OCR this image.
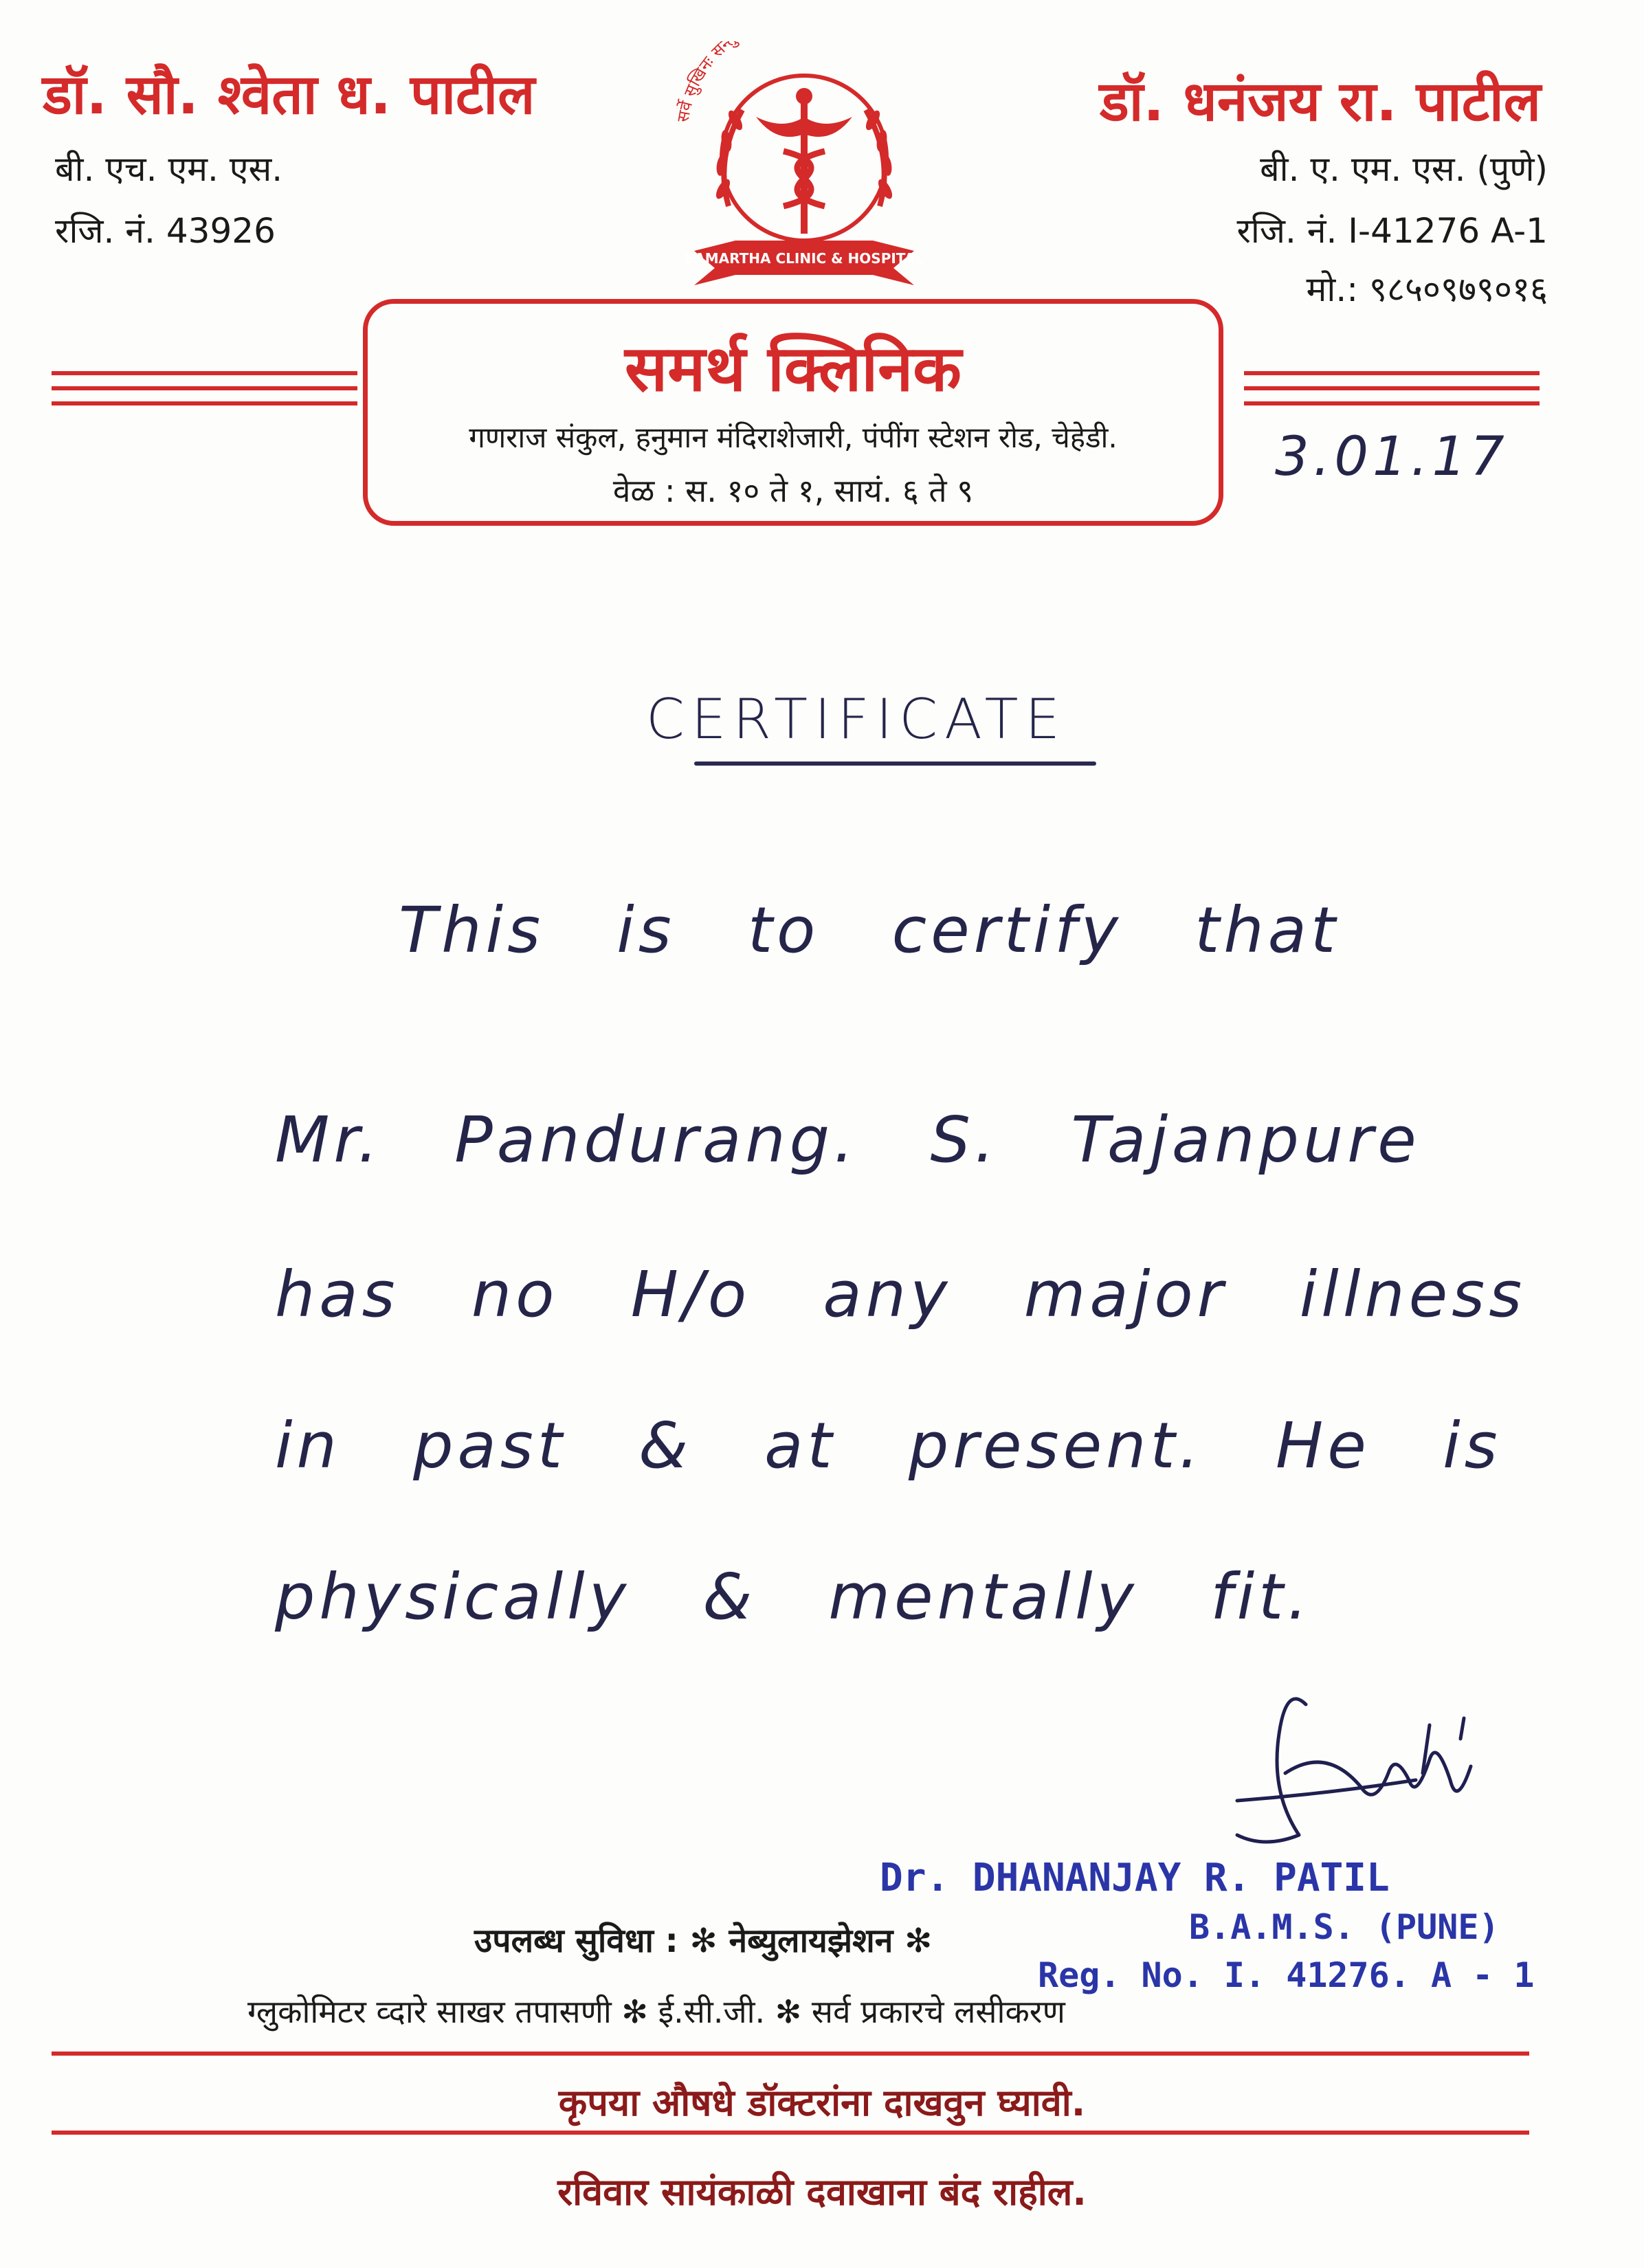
डॉ. सौ. श्वेता ध. पाटील
बी. एच. एम. एस.
रजि. नं. 43926
डॉ. धनंजय रा. पाटील
बी. ए. एम. एस. (पुणे)
रजि. नं. I-41276 A-1
मो.: ९८५०९७९०१६
सर्वे सुखिनः स
SAMARTHA CLINIC & HOSPITAL
समर्थ क्लिनिक
गणराज संकुल, हनुमान मंदिराशेजारी, पंपींग स्टेशन रोड, चेहेडी.
वेळ : स. १० ते १, सायं. ६ ते ९
3.01.17
CERTIFICATE
This is to certify that
Mr. Pandurang. S. Tajanpure
has no H/o any major illness
in past & at present. He is
physically & mentally fit.
Dr. DHANANJAY R. PATIL
B.A.M.S. (PUNE)
Reg. No. I. 41276. A - 1
उपलब्ध सुविधा : ✻ नेब्युलायझेशन ✻
ग्लुकोमिटर व्दारे साखर तपासणी ✻ ई.सी.जी. ✻ सर्व प्रकारचे लसीकरण
कृपया औषधे डॉक्टरांना दाखवुन घ्यावी.
रविवार सायंकाळी दवाखाना बंद राहील.
